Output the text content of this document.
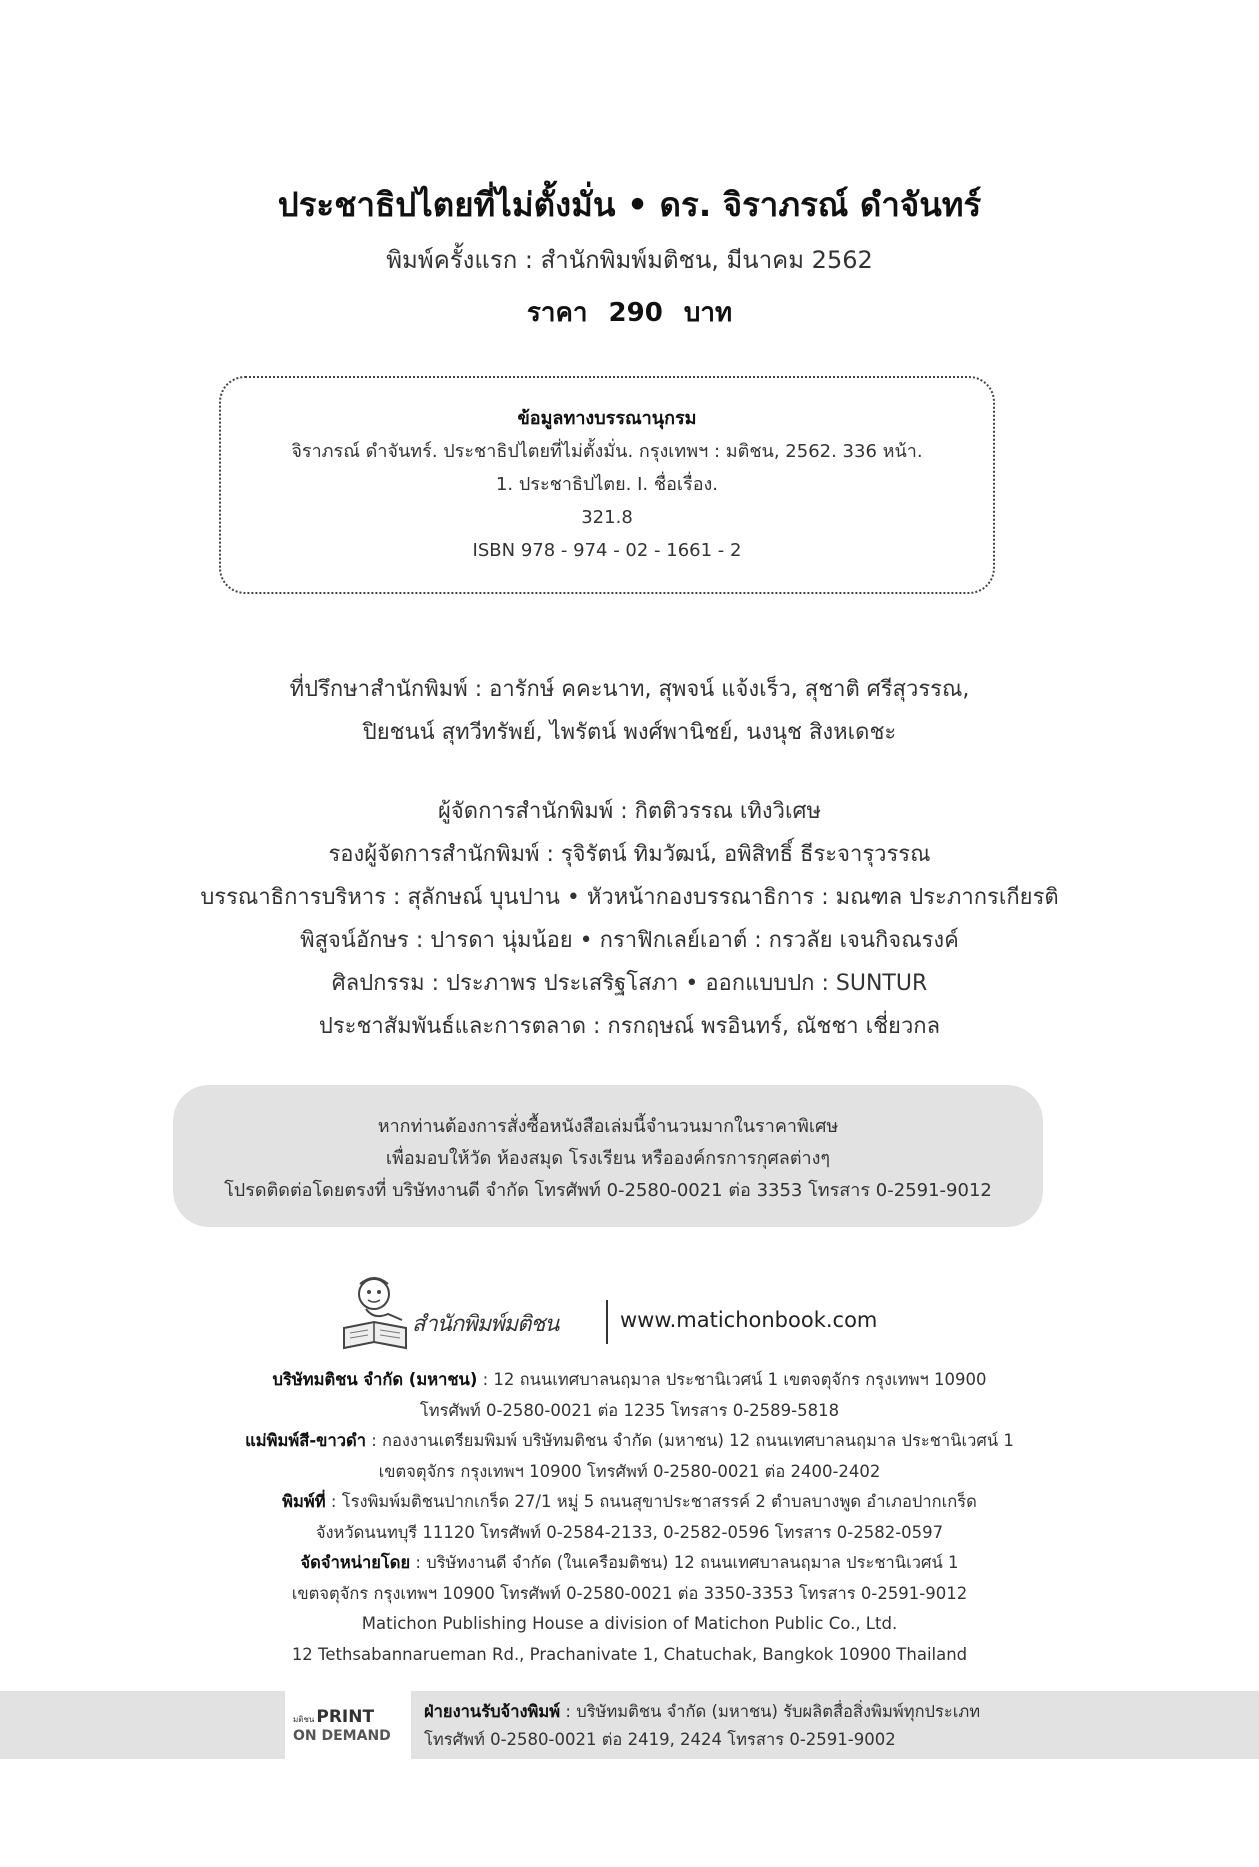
ประชาธิปไตยที่ไม่ตั้งมั่น • ดร. จิราภรณ์ ดำจันทร์
พิมพ์ครั้งแรก : สำนักพิมพ์มติชน, มีนาคม 2562
ราคา 290 บาท
ข้อมูลทางบรรณานุกรม
จิราภรณ์ ดำจันทร์. ประชาธิปไตยที่ไม่ตั้งมั่น. กรุงเทพฯ : มติชน, 2562. 336 หน้า.
1. ประชาธิปไตย. I. ชื่อเรื่อง.
321.8
ISBN 978 - 974 - 02 - 1661 - 2
ที่ปรึกษาสำนักพิมพ์ : อารักษ์ คคะนาท, สุพจน์ แจ้งเร็ว, สุชาติ ศรีสุวรรณ,
ปิยชนน์ สุทวีทรัพย์, ไพรัตน์ พงศ์พานิชย์, นงนุช สิงหเดชะ
ผู้จัดการสำนักพิมพ์ : กิตติวรรณ เทิงวิเศษ
รองผู้จัดการสำนักพิมพ์ : รุจิรัตน์ ทิมวัฒน์, อพิสิทธิ์ ธีระจารุวรรณ
บรรณาธิการบริหาร : สุลักษณ์ บุนปาน • หัวหน้ากองบรรณาธิการ : มณฑล ประภากรเกียรติ
พิสูจน์อักษร : ปารดา นุ่มน้อย • กราฟิกเลย์เอาต์ : กรวลัย เจนกิจณรงค์
ศิลปกรรม : ประภาพร ประเสริฐโสภา • ออกแบบปก : SUNTUR
ประชาสัมพันธ์และการตลาด : กรกฤษณ์ พรอินทร์, ณัชชา เชี่ยวกล
หากท่านต้องการสั่งซื้อหนังสือเล่มนี้จำนวนมากในราคาพิเศษ
เพื่อมอบให้วัด ห้องสมุด โรงเรียน หรือองค์กรการกุศลต่างๆ
โปรดติดต่อโดยตรงที่ บริษัทงานดี จำกัด โทรศัพท์ 0-2580-0021 ต่อ 3353 โทรสาร 0-2591-9012
สำนักพิมพ์มติชน	www.matichonbook.com
บริษัทมติชน จำกัด (มหาชน) : 12 ถนนเทศบาลนฤมาล ประชานิเวศน์ 1 เขตจตุจักร กรุงเทพฯ 10900
โทรศัพท์ 0-2580-0021 ต่อ 1235 โทรสาร 0-2589-5818
แม่พิมพ์สี-ขาวดำ : กองงานเตรียมพิมพ์ บริษัทมติชน จำกัด (มหาชน) 12 ถนนเทศบาลนฤมาล ประชานิเวศน์ 1
เขตจตุจักร กรุงเทพฯ 10900 โทรศัพท์ 0-2580-0021 ต่อ 2400-2402
พิมพ์ที่ : โรงพิมพ์มติชนปากเกร็ด 27/1 หมู่ 5 ถนนสุขาประชาสรรค์ 2 ตำบลบางพูด อำเภอปากเกร็ด
จังหวัดนนทบุรี 11120 โทรศัพท์ 0-2584-2133, 0-2582-0596 โทรสาร 0-2582-0597
จัดจำหน่ายโดย : บริษัทงานดี จำกัด (ในเครือมติชน) 12 ถนนเทศบาลนฤมาล ประชานิเวศน์ 1
เขตจตุจักร กรุงเทพฯ 10900 โทรศัพท์ 0-2580-0021 ต่อ 3350-3353 โทรสาร 0-2591-9012
Matichon Publishing House a division of Matichon Public Co., Ltd.
12 Tethsabannarueman Rd., Prachanivate 1, Chatuchak, Bangkok 10900 Thailand
มติชน PRINT
ON DEMAND
ฝ่ายงานรับจ้างพิมพ์ : บริษัทมติชน จำกัด (มหาชน) รับผลิตสื่อสิ่งพิมพ์ทุกประเภท
โทรศัพท์ 0-2580-0021 ต่อ 2419, 2424 โทรสาร 0-2591-9002
